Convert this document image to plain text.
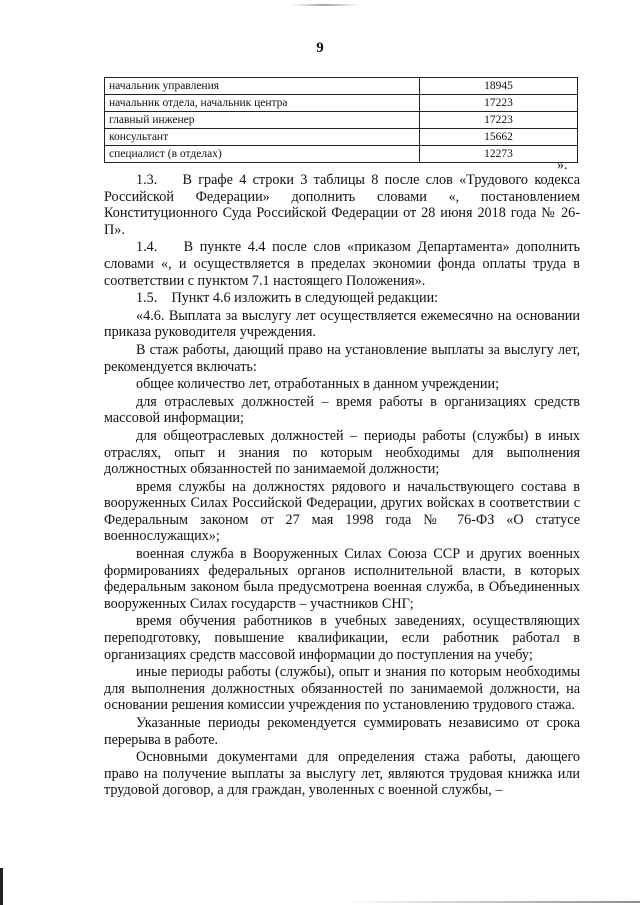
9
начальник управления	18945
начальник отдела, начальник центра	17223
главный инженер	17223
консультант	15662
специалист (в отделах)	12273
».

1.3.    В графе 4 строки 3 таблицы 8 после слов «Трудового кодекса Российской Федерации» дополнить словами «, постановлением Конституционного Суда Российской Федерации от 28 июня 2018 года № 26-П».

1.4.    В пункте 4.4 после слов «приказом Департамента» дополнить словами «, и осуществляется в пределах экономии фонда оплаты труда в соответствии с пунктом 7.1 настоящего Положения».

1.5.    Пункт 4.6 изложить в следующей редакции:

«4.6. Выплата за выслугу лет осуществляется ежемесячно на основании приказа руководителя учреждения.

В стаж работы, дающий право на установление выплаты за выслугу лет, рекомендуется включать:

общее количество лет, отработанных в данном учреждении;

для отраслевых должностей – время работы в организациях средств массовой информации;

для общеотраслевых должностей – периоды работы (службы) в иных отраслях, опыт и знания по которым необходимы для выполнения должностных обязанностей по занимаемой должности;

время службы на должностях рядового и начальствующего состава в вооруженных Силах Российской Федерации, других войсках в соответствии с Федеральным законом от 27 мая 1998 года № 76-ФЗ «О статусе военнослужащих»;

военная служба в Вооруженных Силах Союза ССР и других военных формированиях федеральных органов исполнительной власти, в которых федеральным законом была предусмотрена военная служба, в Объединенных вооруженных Силах государств – участников СНГ;

время обучения работников в учебных заведениях, осуществляющих переподготовку, повышение квалификации, если работник работал в организациях средств массовой информации до поступления на учебу;

иные периоды работы (службы), опыт и знания по которым необходимы для выполнения должностных обязанностей по занимаемой должности, на основании решения комиссии учреждения по установлению трудового стажа.

Указанные периоды рекомендуется суммировать независимо от срока перерыва в работе.

Основными документами для определения стажа работы, дающего право на получение выплаты за выслугу лет, являются трудовая книжка или трудовой договор, а для граждан, уволенных с военной службы, –
